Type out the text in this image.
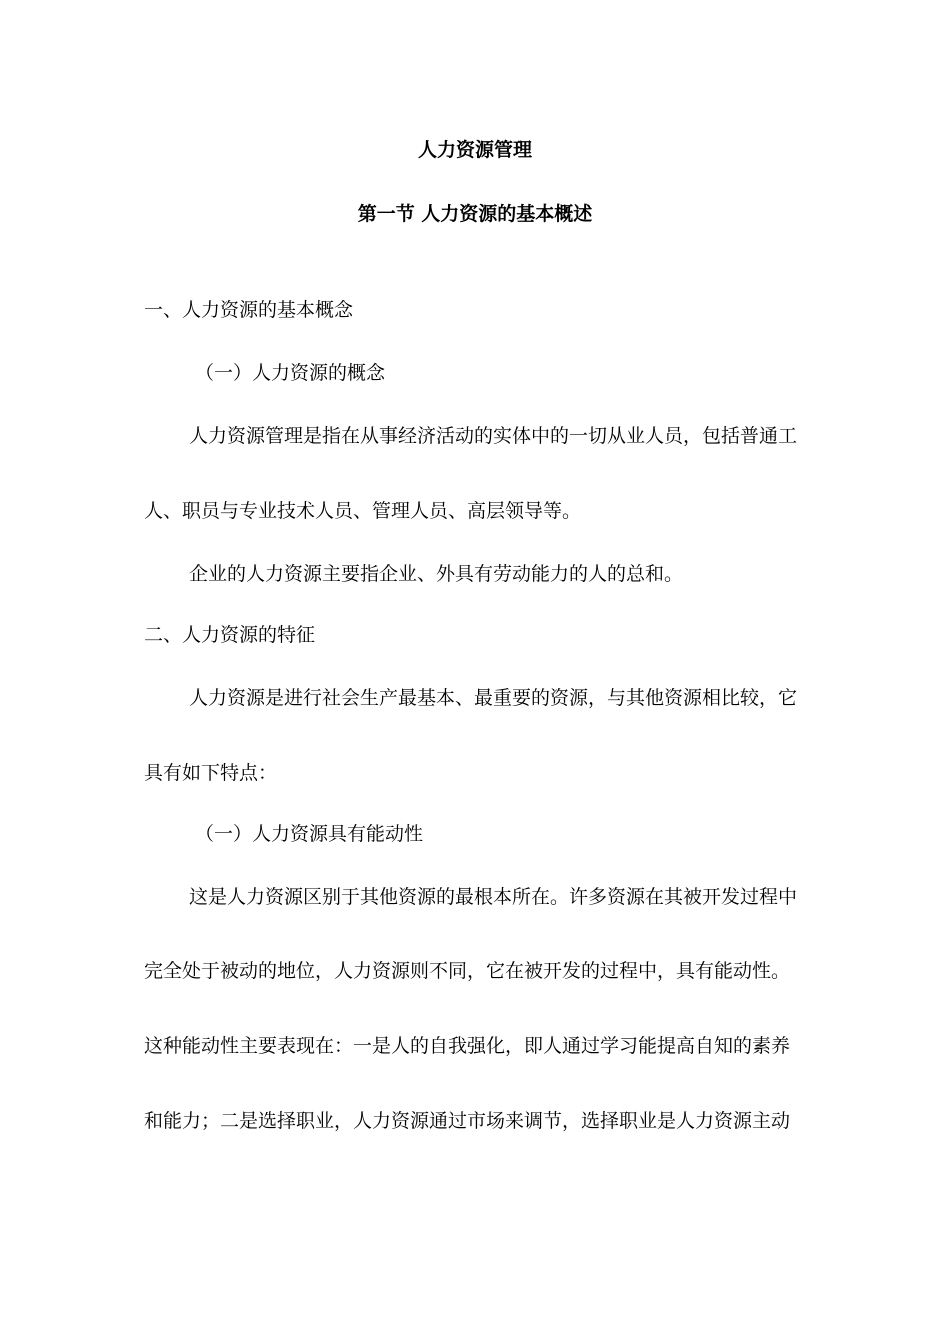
人力资源管理
第一节 人力资源的基本概述
一、人力资源的基本概念
（一）人力资源的概念
人力资源管理是指在从事经济活动的实体中的一切从业人员，包括普通工
人、职员与专业技术人员、管理人员、高层领导等。
企业的人力资源主要指企业、外具有劳动能力的人的总和。
二、人力资源的特征
人力资源是进行社会生产最基本、最重要的资源，与其他资源相比较，它
具有如下特点：
（一）人力资源具有能动性
这是人力资源区别于其他资源的最根本所在。许多资源在其被开发过程中
完全处于被动的地位，人力资源则不同，它在被开发的过程中，具有能动性。
这种能动性主要表现在：一是人的自我强化，即人通过学习能提高自知的素养
和能力；二是选择职业，人力资源通过市场来调节，选择职业是人力资源主动
